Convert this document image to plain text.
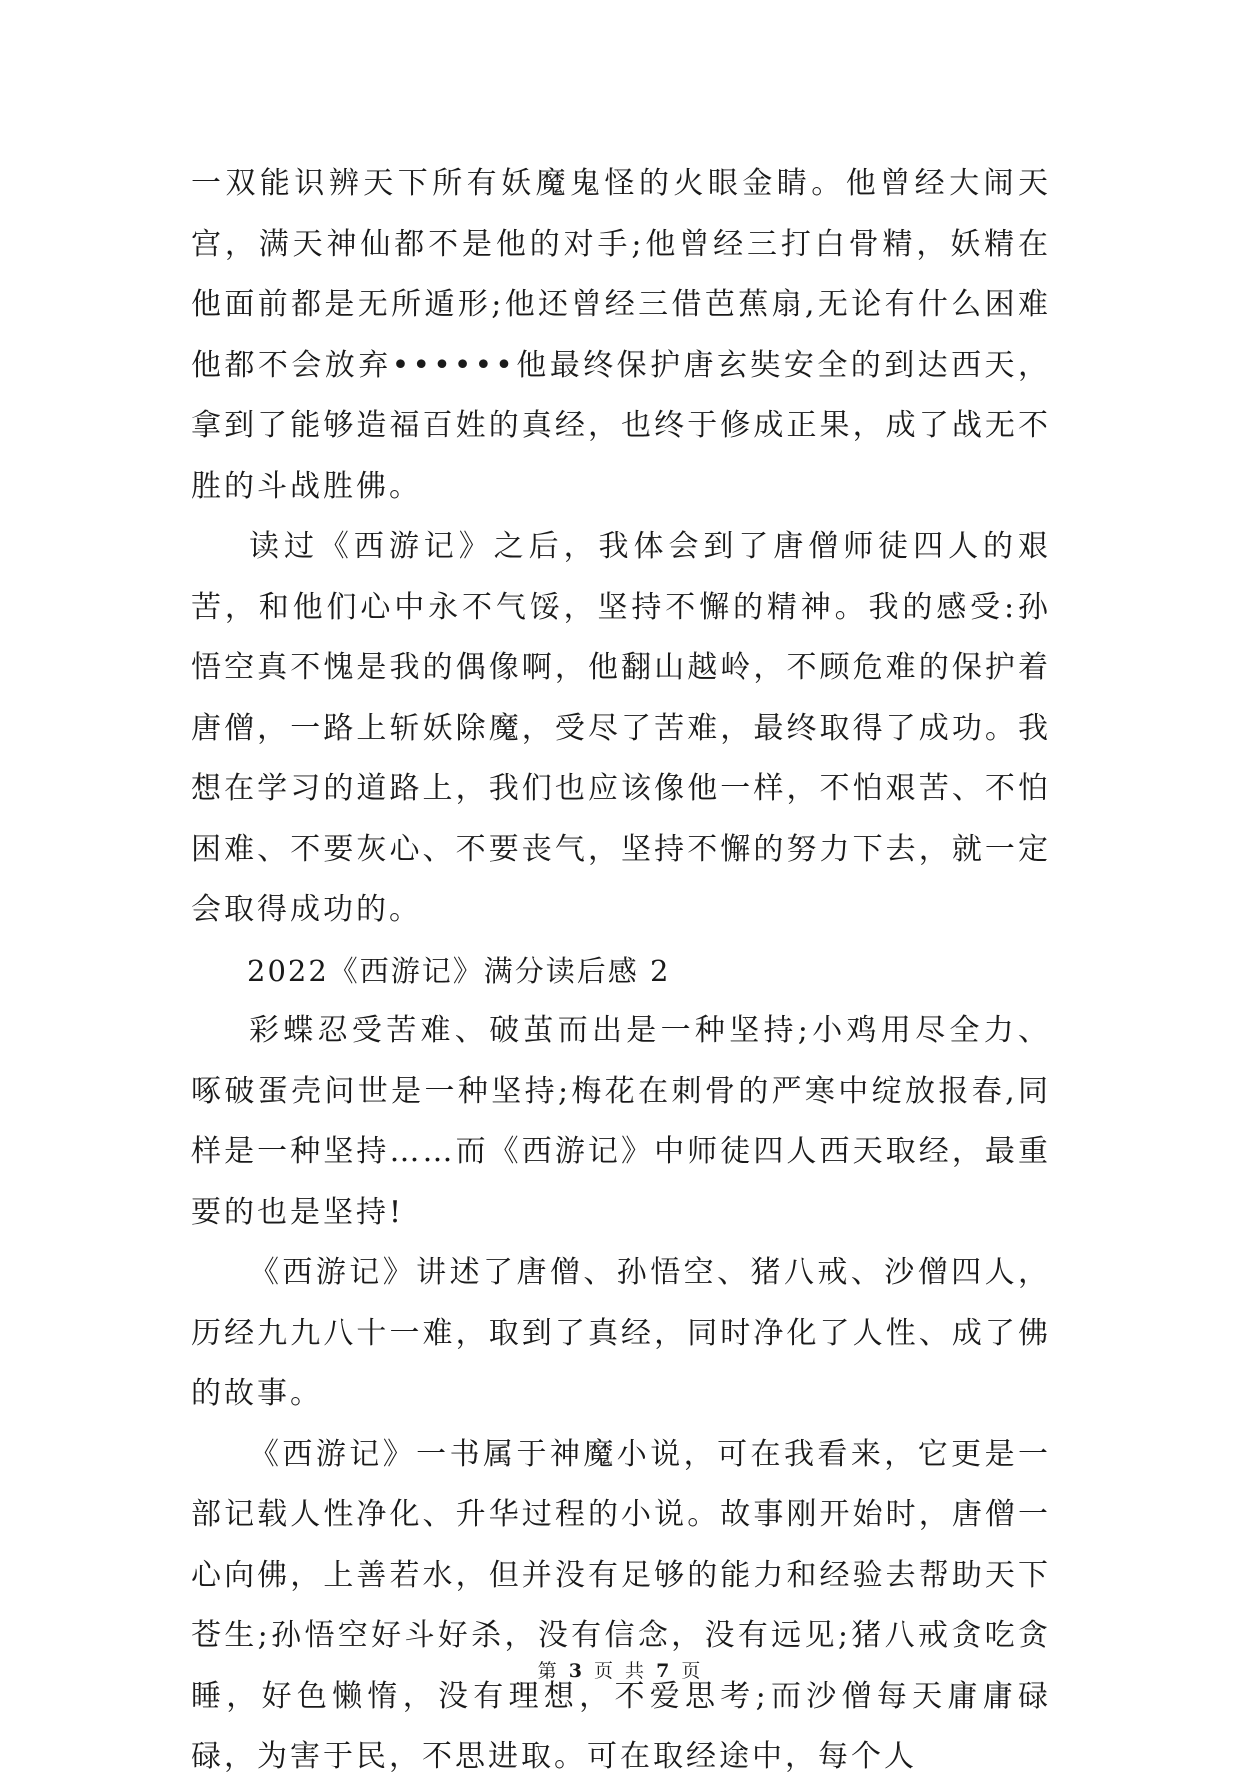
一双能识辨天下所有妖魔鬼怪的火眼金睛。他曾经大闹天宫，满天神仙都不是他的对手;他曾经三打白骨精，妖精在他面前都是无所遁形;他还曾经三借芭蕉扇,无论有什么困难他都不会放弃••••••他最终保护唐玄奘安全的到达西天，拿到了能够造福百姓的真经，也终于修成正果，成了战无不胜的斗战胜佛。

读过《西游记》之后，我体会到了唐僧师徒四人的艰苦，和他们心中永不气馁，坚持不懈的精神。我的感受:孙悟空真不愧是我的偶像啊，他翻山越岭，不顾危难的保护着唐僧，一路上斩妖除魔，受尽了苦难，最终取得了成功。我想在学习的道路上，我们也应该像他一样，不怕艰苦、不怕困难、不要灰心、不要丧气，坚持不懈的努力下去，就一定会取得成功的。

2022《西游记》满分读后感 2

彩蝶忍受苦难、破茧而出是一种坚持;小鸡用尽全力、啄破蛋壳问世是一种坚持;梅花在刺骨的严寒中绽放报春,同样是一种坚持……而《西游记》中师徒四人西天取经，最重要的也是坚持!

《西游记》讲述了唐僧、孙悟空、猪八戒、沙僧四人，历经九九八十一难，取到了真经，同时净化了人性、成了佛的故事。

《西游记》一书属于神魔小说，可在我看来，它更是一部记载人性净化、升华过程的小说。故事刚开始时，唐僧一心向佛，上善若水，但并没有足够的能力和经验去帮助天下苍生;孙悟空好斗好杀，没有信念，没有远见;猪八戒贪吃贪睡，好色懒惰，没有理想，不爱思考;而沙僧每天庸庸碌碌，为害于民，不思进取。可在取经途中，每个人

第 3 页 共 7 页
